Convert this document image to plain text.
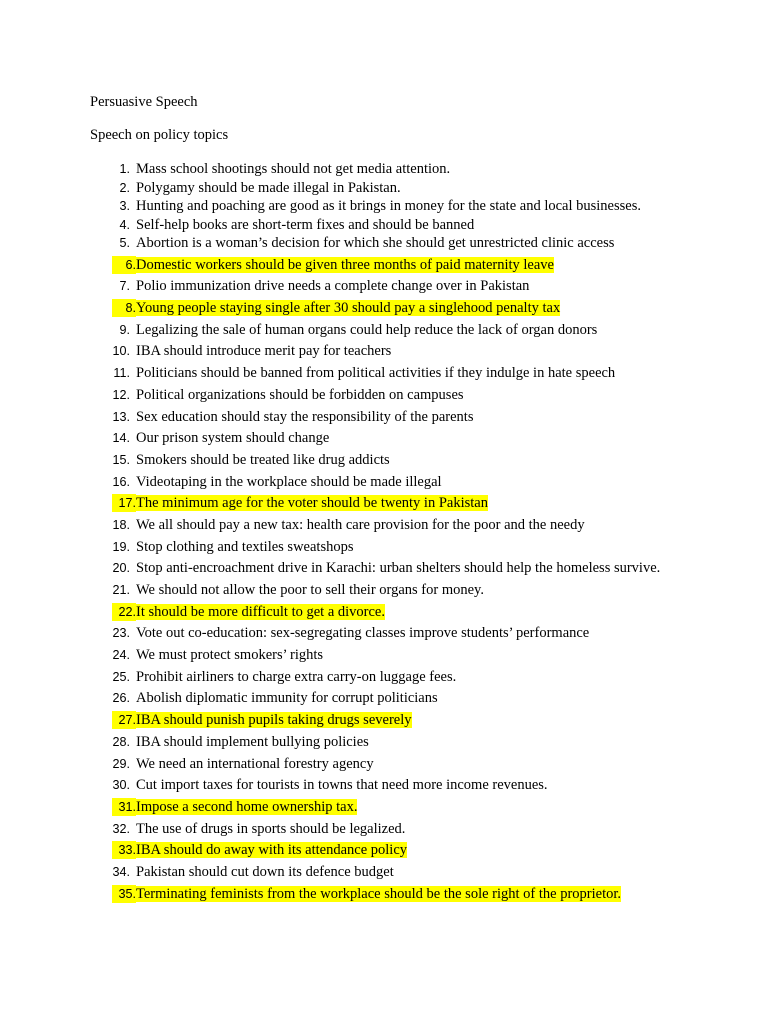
Persuasive Speech
Speech on policy topics
1. Mass school shootings should not get media attention.
2. Polygamy should be made illegal in Pakistan.
3. Hunting and poaching are good as it brings in money for the state and local businesses.
4. Self-help books are short-term fixes and should be banned
5. Abortion is a woman’s decision for which she should get unrestricted clinic access
6. Domestic workers should be given three months of paid maternity leave
7. Polio immunization drive needs a complete change over in Pakistan
8. Young people staying single after 30 should pay a singlehood penalty tax
9. Legalizing the sale of human organs could help reduce the lack of organ donors
10. IBA should introduce merit pay for teachers
11. Politicians should be banned from political activities if they indulge in hate speech
12. Political organizations should be forbidden on campuses
13. Sex education should stay the responsibility of the parents
14. Our prison system should change
15. Smokers should be treated like drug addicts
16. Videotaping in the workplace should be made illegal
17. The minimum age for the voter should be twenty in Pakistan
18. We all should pay a new tax: health care provision for the poor and the needy
19. Stop clothing and textiles sweatshops
20. Stop anti-encroachment drive in Karachi: urban shelters should help the homeless survive.
21. We should not allow the poor to sell their organs for money.
22. It should be more difficult to get a divorce.
23. Vote out co-education: sex-segregating classes improve students’ performance
24. We must protect smokers’ rights
25. Prohibit airliners to charge extra carry-on luggage fees.
26. Abolish diplomatic immunity for corrupt politicians
27. IBA should punish pupils taking drugs severely
28. IBA should implement bullying policies
29. We need an international forestry agency
30. Cut import taxes for tourists in towns that need more income revenues.
31. Impose a second home ownership tax.
32. The use of drugs in sports should be legalized.
33. IBA should do away with its attendance policy
34. Pakistan should cut down its defence budget
35. Terminating feminists from the workplace should be the sole right of the proprietor.
